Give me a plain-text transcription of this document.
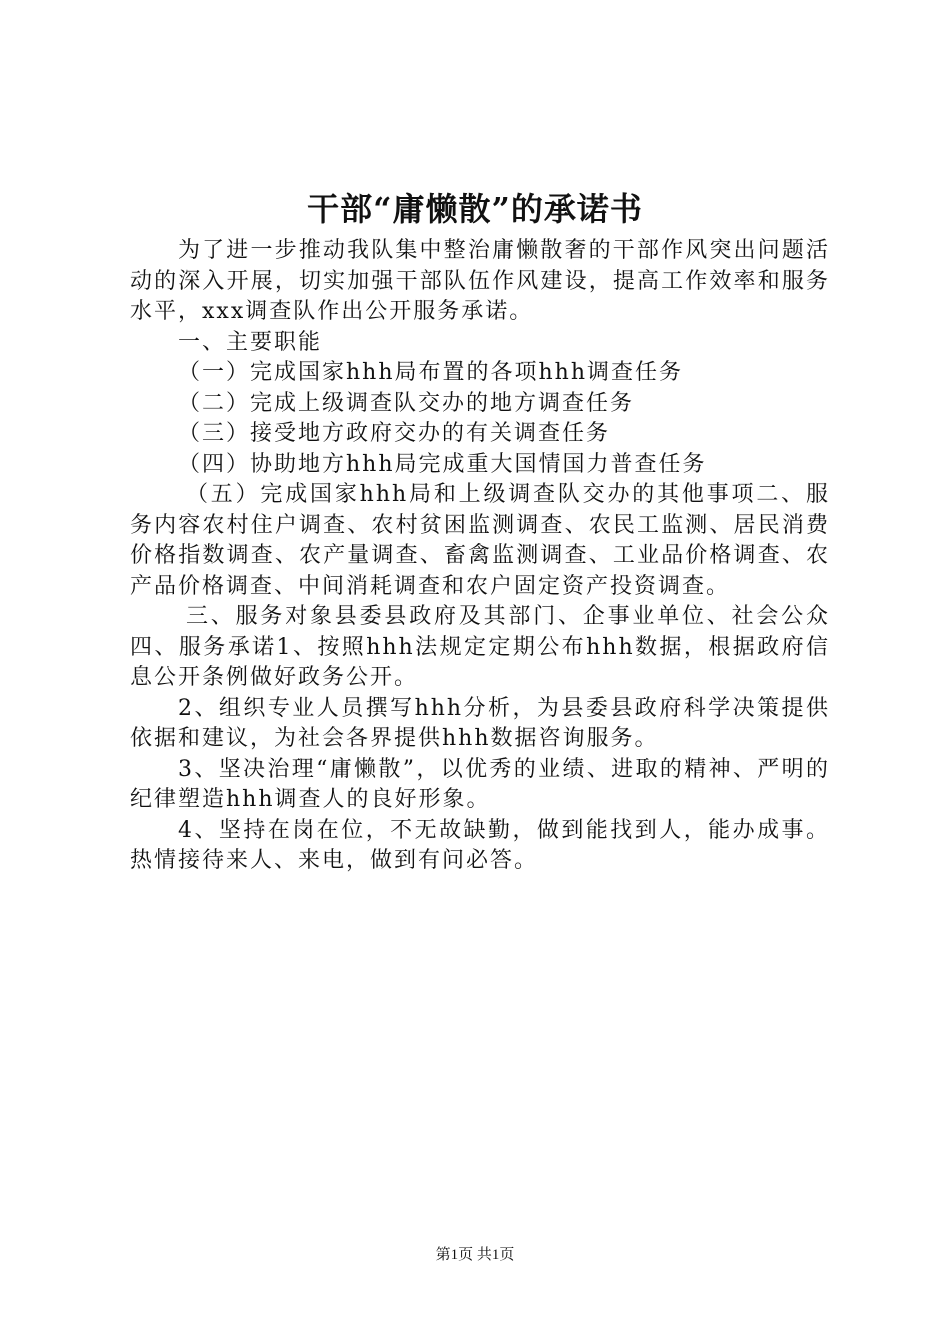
干部“庸懒散”的承诺书

为了进一步推动我队集中整治庸懒散奢的干部作风突出问题活动的深入开展，切实加强干部队伍作风建设，提高工作效率和服务水平，xxx调查队作出公开服务承诺。

一、主要职能

（一）完成国家hhh局布置的各项hhh调查任务

（二）完成上级调查队交办的地方调查任务

（三）接受地方政府交办的有关调查任务

（四）协助地方hhh局完成重大国情国力普查任务

（五）完成国家hhh局和上级调查队交办的其他事项二、服务内容农村住户调查、农村贫困监测调查、农民工监测、居民消费价格指数调查、农产量调查、畜禽监测调查、工业品价格调查、农产品价格调查、中间消耗调查和农户固定资产投资调查。

三、服务对象县委县政府及其部门、企事业单位、社会公众四、服务承诺1、按照hhh法规定定期公布hhh数据，根据政府信息公开条例做好政务公开。

2、组织专业人员撰写hhh分析，为县委县政府科学决策提供依据和建议，为社会各界提供hhh数据咨询服务。

3、坚决治理“庸懒散”，以优秀的业绩、进取的精神、严明的纪律塑造hhh调查人的良好形象。

4、坚持在岗在位，不无故缺勤，做到能找到人，能办成事。热情接待来人、来电，做到有问必答。

第1页 共1页
